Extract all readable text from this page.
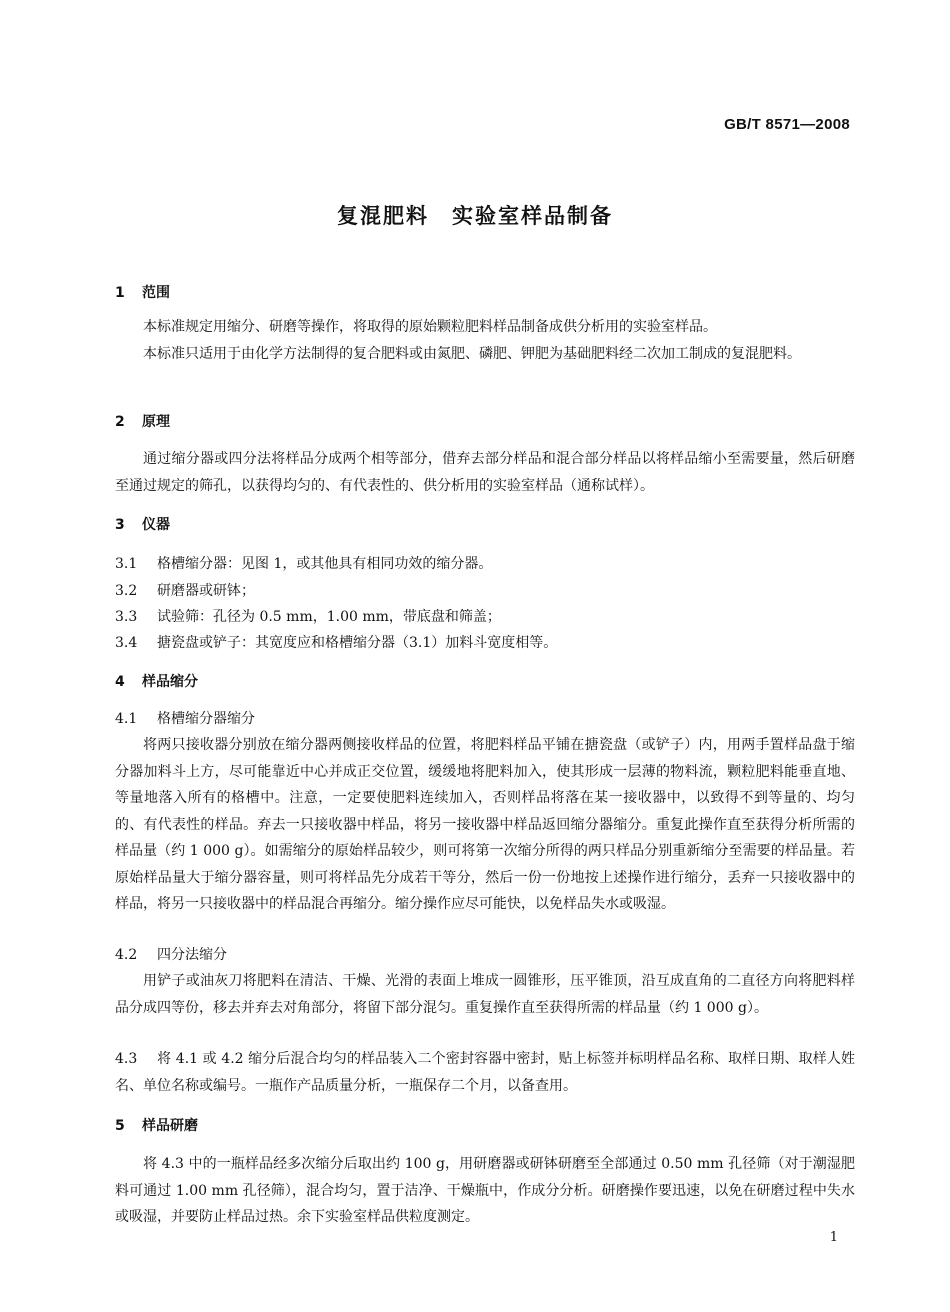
GB/T 8571—2008
复混肥料　实验室样品制备
1 范围
本标准规定用缩分、研磨等操作，将取得的原始颗粒肥料样品制备成供分析用的实验室样品。
本标准只适用于由化学方法制得的复合肥料或由氮肥、磷肥、钾肥为基础肥料经二次加工制成的复混肥料。
2 原理
通过缩分器或四分法将样品分成两个相等部分，借弃去部分样品和混合部分样品以将样品缩小至需要量，然后研磨至通过规定的筛孔，以获得均匀的、有代表性的、供分析用的实验室样品（通称试样）。
3 仪器
3.1 格槽缩分器：见图 1，或其他具有相同功效的缩分器。
3.2 研磨器或研钵；
3.3 试验筛：孔径为 0.5 mm，1.00 mm，带底盘和筛盖；
3.4 搪瓷盘或铲子：其宽度应和格槽缩分器（3.1）加料斗宽度相等。
4 样品缩分
4.1 格槽缩分器缩分
将两只接收器分别放在缩分器两侧接收样品的位置，将肥料样品平铺在搪瓷盘（或铲子）内，用两手置样品盘于缩分器加料斗上方，尽可能靠近中心并成正交位置，缓缓地将肥料加入，使其形成一层薄的物料流，颗粒肥料能垂直地、等量地落入所有的格槽中。注意，一定要使肥料连续加入，否则样品将落在某一接收器中，以致得不到等量的、均匀的、有代表性的样品。弃去一只接收器中样品，将另一接收器中样品返回缩分器缩分。重复此操作直至获得分析所需的样品量（约 1 000 g）。如需缩分的原始样品较少，则可将第一次缩分所得的两只样品分别重新缩分至需要的样品量。若原始样品量大于缩分器容量，则可将样品先分成若干等分，然后一份一份地按上述操作进行缩分，丢弃一只接收器中的样品，将另一只接收器中的样品混合再缩分。缩分操作应尽可能快，以免样品失水或吸湿。
4.2 四分法缩分
用铲子或油灰刀将肥料在清洁、干燥、光滑的表面上堆成一圆锥形，压平锥顶，沿互成直角的二直径方向将肥料样品分成四等份，移去并弃去对角部分，将留下部分混匀。重复操作直至获得所需的样品量（约 1 000 g）。
4.3 将 4.1 或 4.2 缩分后混合均匀的样品装入二个密封容器中密封，贴上标签并标明样品名称、取样日期、取样人姓名、单位名称或编号。一瓶作产品质量分析，一瓶保存二个月，以备查用。
5 样品研磨
将 4.3 中的一瓶样品经多次缩分后取出约 100 g，用研磨器或研钵研磨至全部通过 0.50 mm 孔径筛（对于潮湿肥料可通过 1.00 mm 孔径筛），混合均匀，置于洁净、干燥瓶中，作成分分析。研磨操作要迅速，以免在研磨过程中失水或吸湿，并要防止样品过热。余下实验室样品供粒度测定。
1
